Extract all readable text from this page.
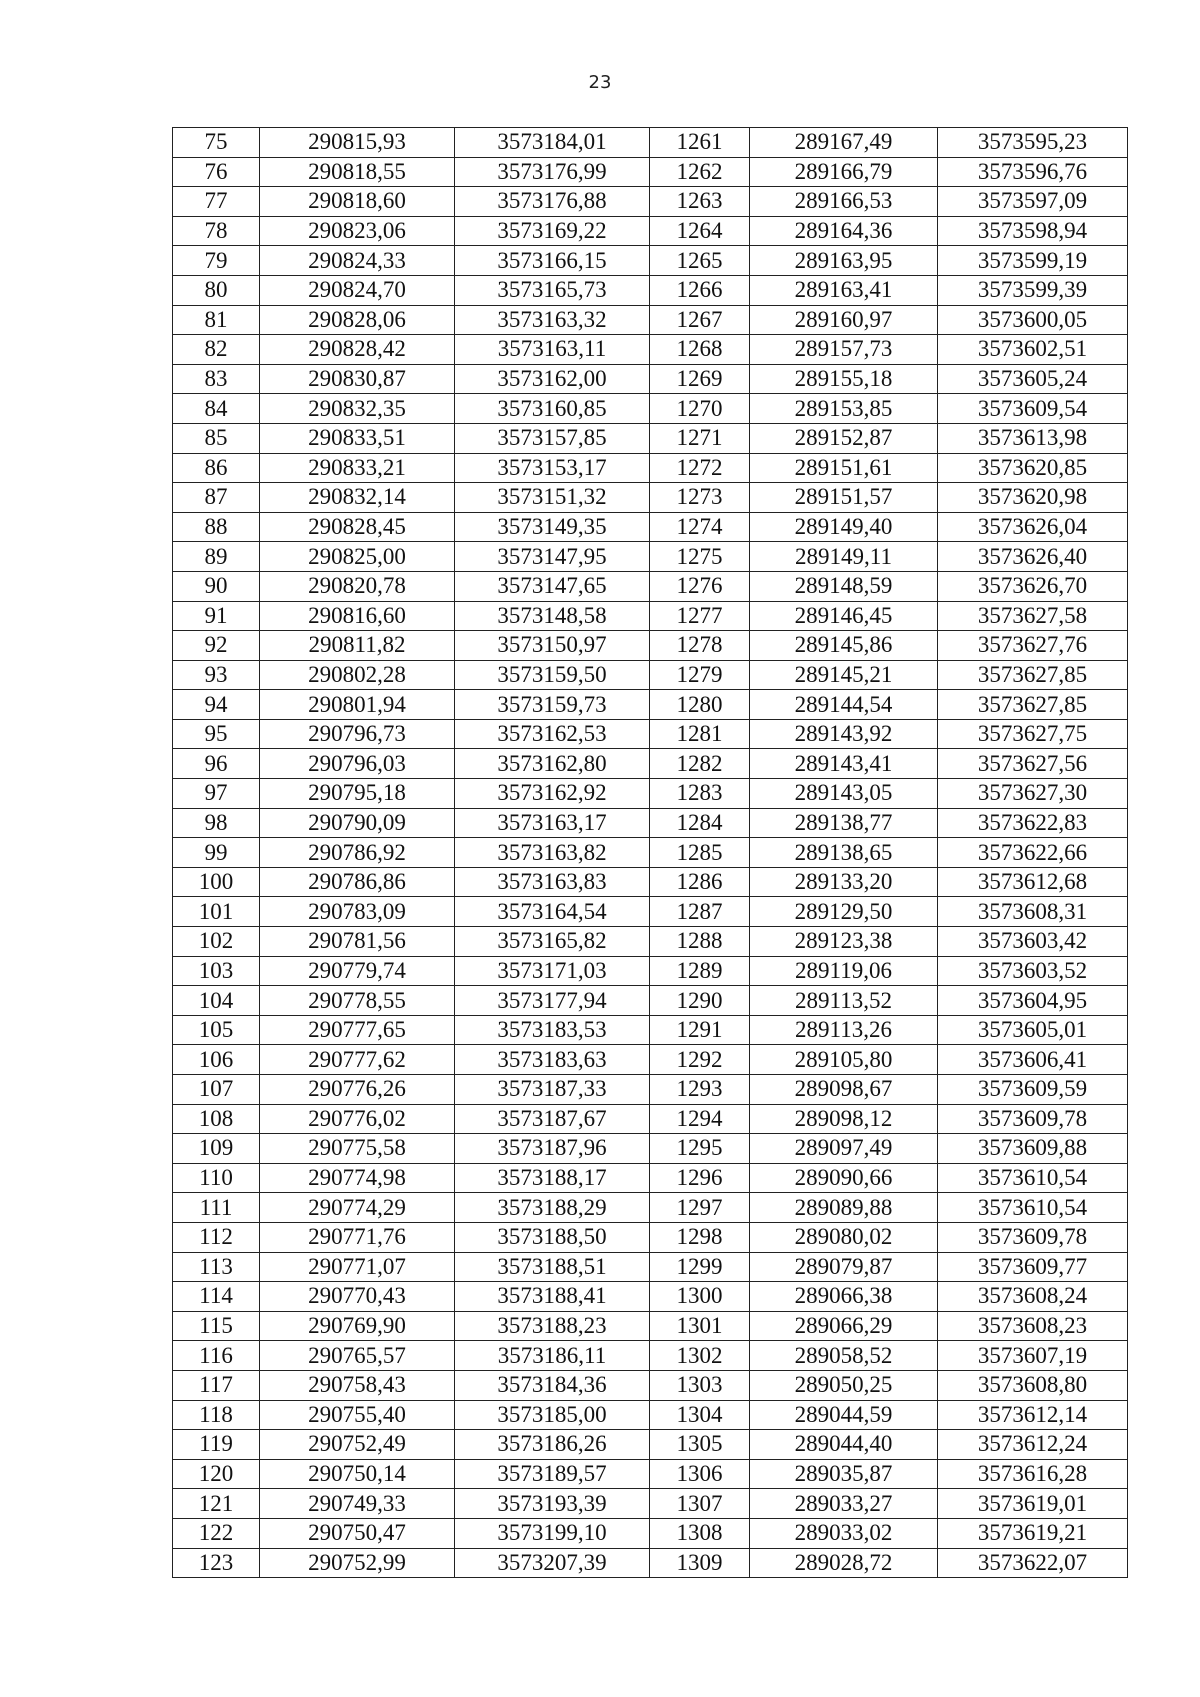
23
75	290815,93	3573184,01	1261	289167,49	3573595,23
76	290818,55	3573176,99	1262	289166,79	3573596,76
77	290818,60	3573176,88	1263	289166,53	3573597,09
78	290823,06	3573169,22	1264	289164,36	3573598,94
79	290824,33	3573166,15	1265	289163,95	3573599,19
80	290824,70	3573165,73	1266	289163,41	3573599,39
81	290828,06	3573163,32	1267	289160,97	3573600,05
82	290828,42	3573163,11	1268	289157,73	3573602,51
83	290830,87	3573162,00	1269	289155,18	3573605,24
84	290832,35	3573160,85	1270	289153,85	3573609,54
85	290833,51	3573157,85	1271	289152,87	3573613,98
86	290833,21	3573153,17	1272	289151,61	3573620,85
87	290832,14	3573151,32	1273	289151,57	3573620,98
88	290828,45	3573149,35	1274	289149,40	3573626,04
89	290825,00	3573147,95	1275	289149,11	3573626,40
90	290820,78	3573147,65	1276	289148,59	3573626,70
91	290816,60	3573148,58	1277	289146,45	3573627,58
92	290811,82	3573150,97	1278	289145,86	3573627,76
93	290802,28	3573159,50	1279	289145,21	3573627,85
94	290801,94	3573159,73	1280	289144,54	3573627,85
95	290796,73	3573162,53	1281	289143,92	3573627,75
96	290796,03	3573162,80	1282	289143,41	3573627,56
97	290795,18	3573162,92	1283	289143,05	3573627,30
98	290790,09	3573163,17	1284	289138,77	3573622,83
99	290786,92	3573163,82	1285	289138,65	3573622,66
100	290786,86	3573163,83	1286	289133,20	3573612,68
101	290783,09	3573164,54	1287	289129,50	3573608,31
102	290781,56	3573165,82	1288	289123,38	3573603,42
103	290779,74	3573171,03	1289	289119,06	3573603,52
104	290778,55	3573177,94	1290	289113,52	3573604,95
105	290777,65	3573183,53	1291	289113,26	3573605,01
106	290777,62	3573183,63	1292	289105,80	3573606,41
107	290776,26	3573187,33	1293	289098,67	3573609,59
108	290776,02	3573187,67	1294	289098,12	3573609,78
109	290775,58	3573187,96	1295	289097,49	3573609,88
110	290774,98	3573188,17	1296	289090,66	3573610,54
111	290774,29	3573188,29	1297	289089,88	3573610,54
112	290771,76	3573188,50	1298	289080,02	3573609,78
113	290771,07	3573188,51	1299	289079,87	3573609,77
114	290770,43	3573188,41	1300	289066,38	3573608,24
115	290769,90	3573188,23	1301	289066,29	3573608,23
116	290765,57	3573186,11	1302	289058,52	3573607,19
117	290758,43	3573184,36	1303	289050,25	3573608,80
118	290755,40	3573185,00	1304	289044,59	3573612,14
119	290752,49	3573186,26	1305	289044,40	3573612,24
120	290750,14	3573189,57	1306	289035,87	3573616,28
121	290749,33	3573193,39	1307	289033,27	3573619,01
122	290750,47	3573199,10	1308	289033,02	3573619,21
123	290752,99	3573207,39	1309	289028,72	3573622,07
